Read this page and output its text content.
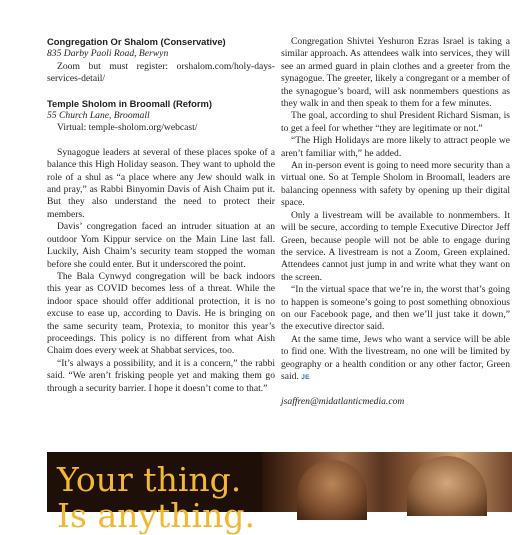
Congregation Or Shalom (Conservative)

835 Darby Paoli Road, Berwyn

Zoom but must register: orshalom.com/holy-days-services-detail/

Temple Sholom in Broomall (Reform)

55 Church Lane, Broomall

Virtual: temple-sholom.org/webcast/

Synagogue leaders at several of these places spoke of a balance this High Holiday season. They want to uphold the role of a shul as “a place where any Jew should walk in and pray,” as Rabbi Binyomin Davis of Aish Chaim put it. But they also understand the need to protect their members.

Davis’ congregation faced an intruder situation at an outdoor Yom Kippur service on the Main Line last fall. Luckily, Aish Chaim’s security team stopped the woman before she could enter. But it underscored the point.

The Bala Cynwyd congregation will be back indoors this year as COVID becomes less of a threat. While the indoor space should offer additional protection, it is no excuse to ease up, according to Davis. He is bringing on the same security team, Protexia, to monitor this year’s proceedings. This policy is no different from what Aish Chaim does every week at Shabbat services, too.

“It’s always a possibility, and it is a concern,” the rabbi said. “We aren’t frisking people yet and making them go through a security barrier. I hope it doesn’t come to that.”

Congregation Shivtei Yeshuron Ezras Israel is taking a similar approach. As attendees walk into services, they will see an armed guard in plain clothes and a greeter from the synagogue. The greeter, likely a congregant or a member of the synagogue’s board, will ask nonmembers questions as they walk in and then speak to them for a few minutes.

The goal, according to shul President Richard Sisman, is to get a feel for whether “they are legitimate or not.”

“The High Holidays are more likely to attract people we aren’t familiar with,” he added.

An in-person event is going to need more security than a virtual one. So at Temple Sholom in Broomall, leaders are balancing openness with safety by opening up their digital space.

Only a livestream will be available to nonmembers. It will be secure, according to temple Executive Director Jeff Green, because people will not be able to engage during the service. A livestream is not a Zoom, Green explained. Attendees cannot just jump in and write what they want on the screen.

“In the virtual space that we’re in, the worst that’s going to happen is someone’s going to post something obnoxious on our Facebook page, and then we’ll just take it down,” the executive director said.

At the same time, Jews who want a service will be able to find one. With the livestream, no one will be limited by geography or a health condition or any other factor, Green said. JE

jsaffren@midatlanticmedia.com

Your thing.
Is anything.
